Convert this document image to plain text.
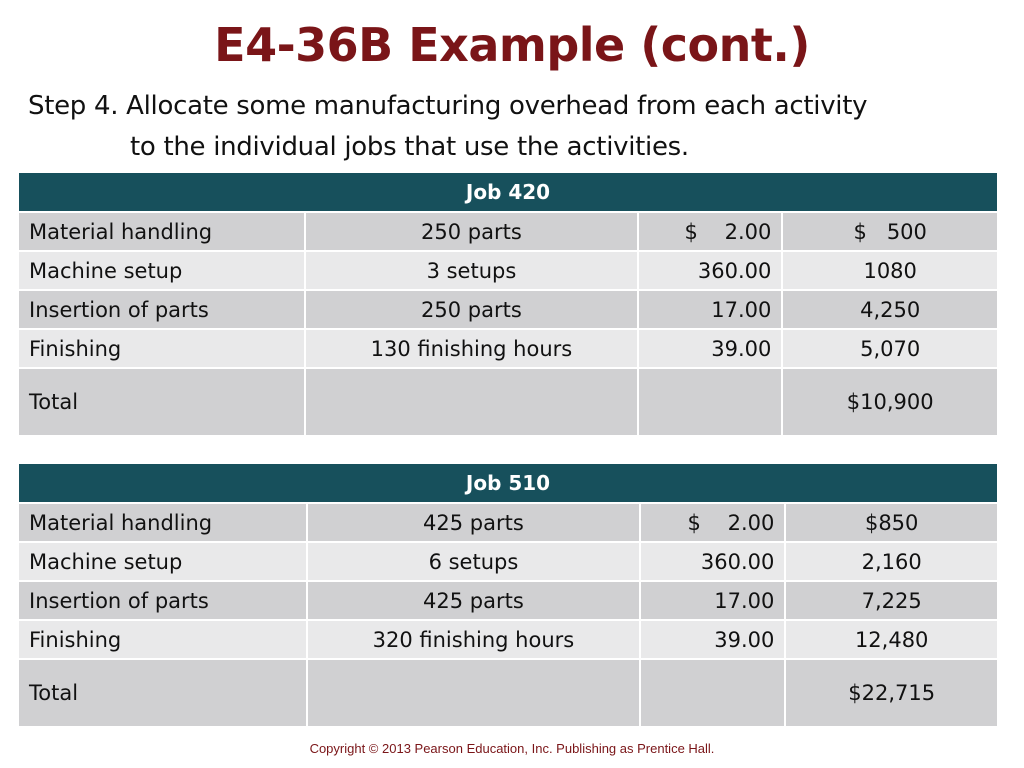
E4-36B Example (cont.)
Step 4. Allocate some manufacturing overhead from each activity
to the individual jobs that use the activities.
Job 420			
Material handling	250 parts	$    2.00	$   500
Machine setup	3 setups	360.00	1080
Insertion of parts	250 parts	17.00	4,250
Finishing	130 finishing hours	39.00	5,070
Total			$10,900
Job 510			
Material handling	425 parts	$    2.00	$850
Machine setup	6 setups	360.00	2,160
Insertion of parts	425 parts	17.00	7,225
Finishing	320 finishing hours	39.00	12,480
Total			$22,715
Copyright © 2013 Pearson Education, Inc. Publishing as Prentice Hall.
